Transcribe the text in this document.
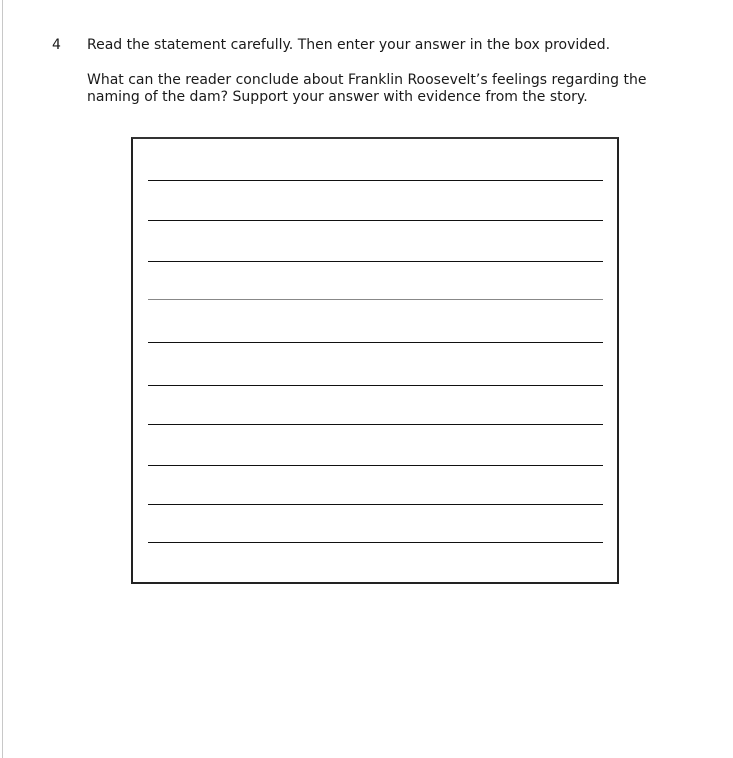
4 Read the statement carefully. Then enter your answer in the box provided.
What can the reader conclude about Franklin Roosevelt’s feelings regarding the naming of the dam? Support your answer with evidence from the story.
